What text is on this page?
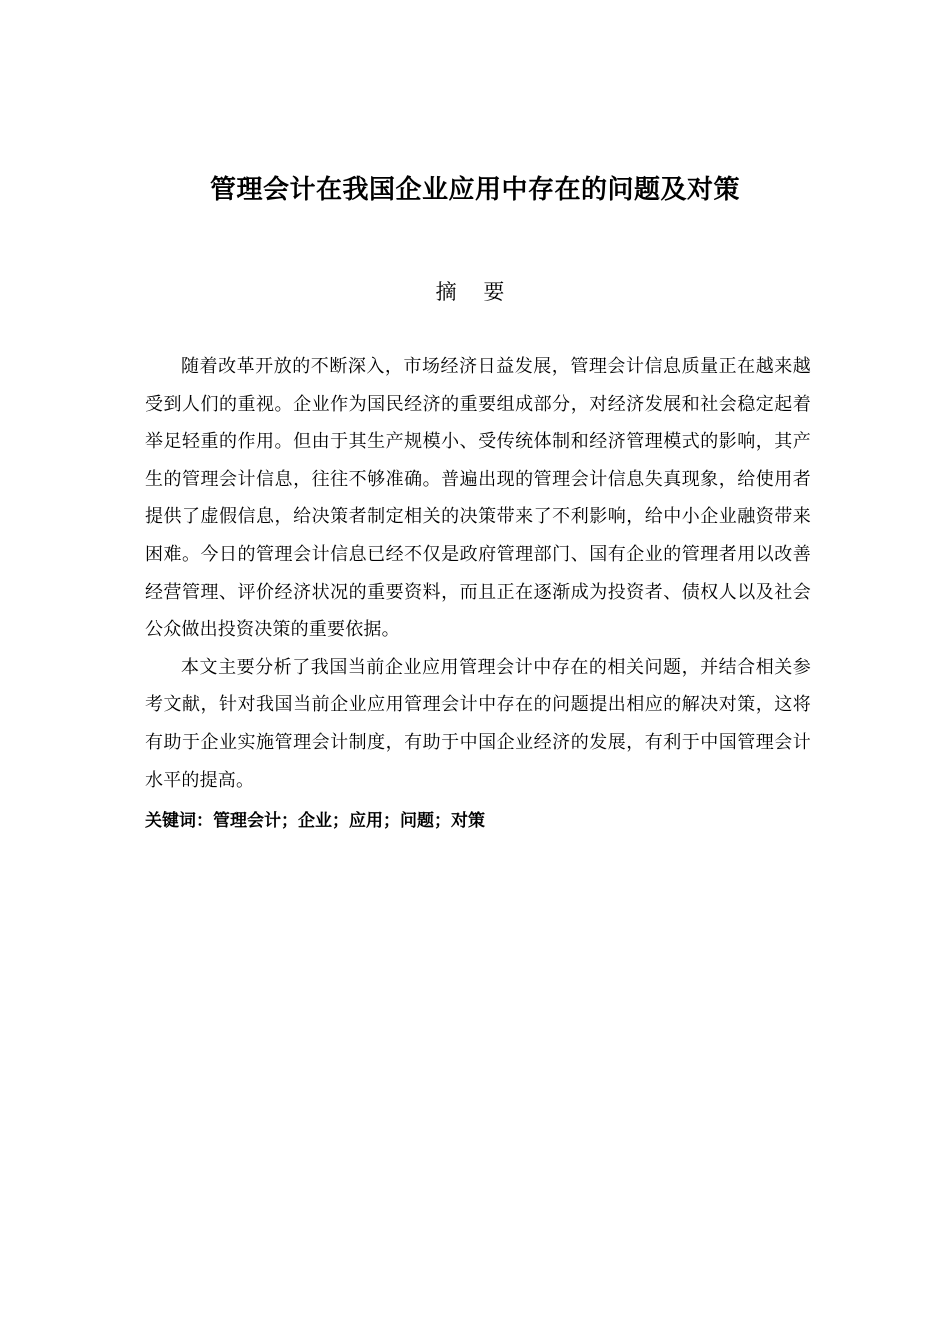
管理会计在我国企业应用中存在的问题及对策
摘 要

随着改革开放的不断深入，市场经济日益发展，管理会计信息质量正在越来越受到人们的重视。企业作为国民经济的重要组成部分，对经济发展和社会稳定起着举足轻重的作用。但由于其生产规模小、受传统体制和经济管理模式的影响，其产生的管理会计信息，往往不够准确。普遍出现的管理会计信息失真现象，给使用者提供了虚假信息，给决策者制定相关的决策带来了不利影响，给中小企业融资带来困难。今日的管理会计信息已经不仅是政府管理部门、国有企业的管理者用以改善经营管理、评价经济状况的重要资料，而且正在逐渐成为投资者、债权人以及社会公众做出投资决策的重要依据。

本文主要分析了我国当前企业应用管理会计中存在的相关问题，并结合相关参考文献，针对我国当前企业应用管理会计中存在的问题提出相应的解决对策，这将有助于企业实施管理会计制度，有助于中国企业经济的发展，有利于中国管理会计水平的提高。

关键词：管理会计；企业；应用；问题；对策
